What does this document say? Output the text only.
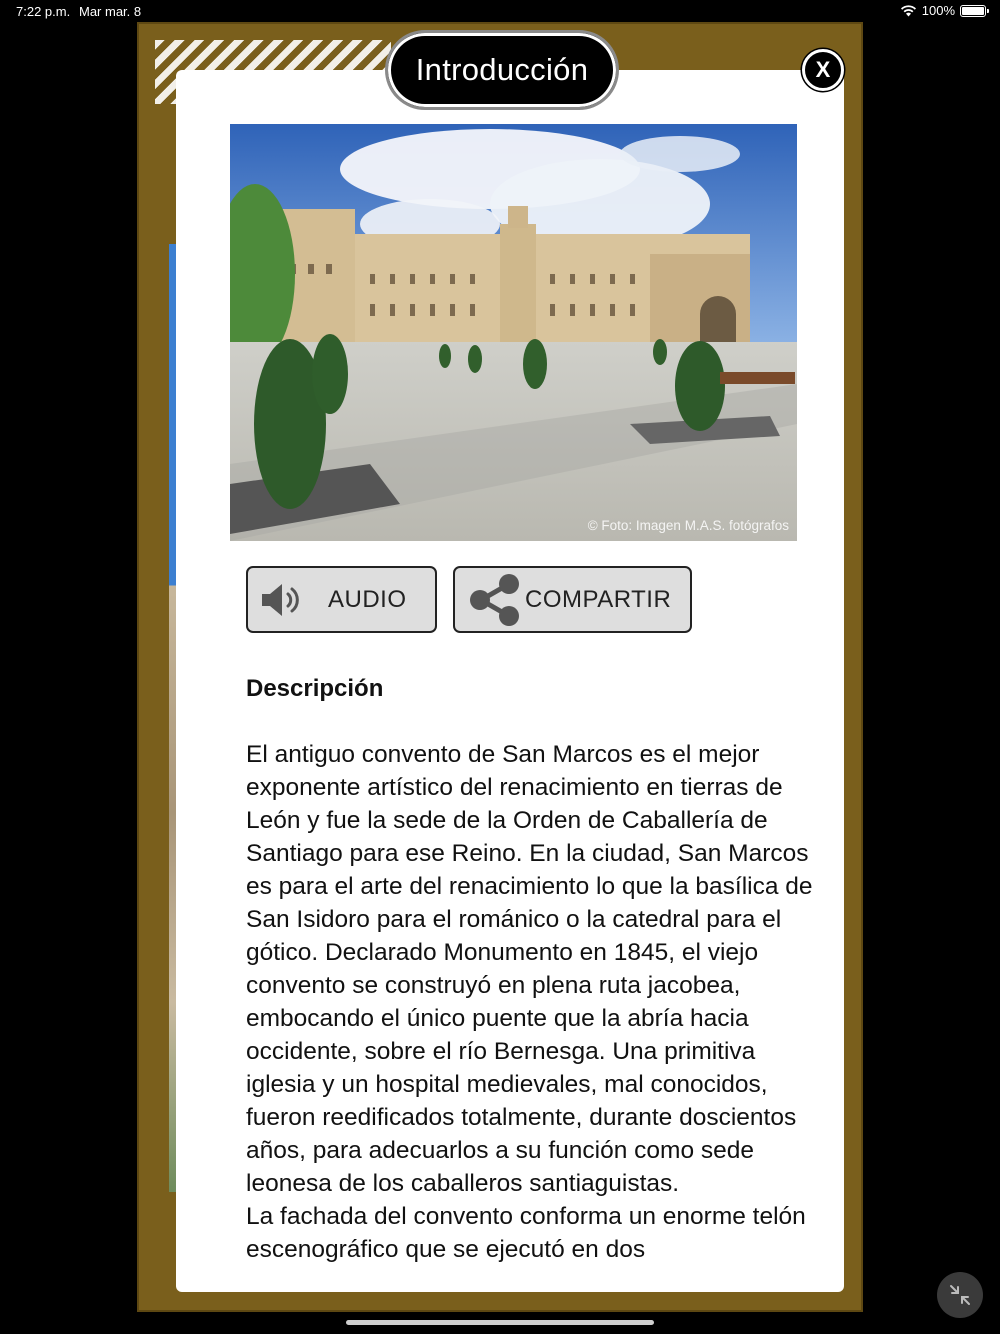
7:22 p.m. Mar mar. 8	100%
Introducción	X
© Foto: Imagen M.A.S. fotógrafos
AUDIO	COMPARTIR
Descripción
El antiguo convento de San Marcos es el mejor exponente artístico del renacimiento en tierras de León y fue la sede de la Orden de Caballería de Santiago para ese Reino. En la ciudad, San Marcos es para el arte del renacimiento lo que la basílica de San Isidoro para el románico o la catedral para el gótico. Declarado Monumento en 1845, el viejo convento se construyó en plena ruta jacobea, embocando el único puente que la abría hacia occidente, sobre el río Bernesga. Una primitiva iglesia y un hospital medievales, mal conocidos, fueron reedificados totalmente, durante doscientos años, para adecuarlos a su función como sede leonesa de los caballeros santiaguistas.
La fachada del convento conforma un enorme telón escenográfico que se ejecutó en dos
